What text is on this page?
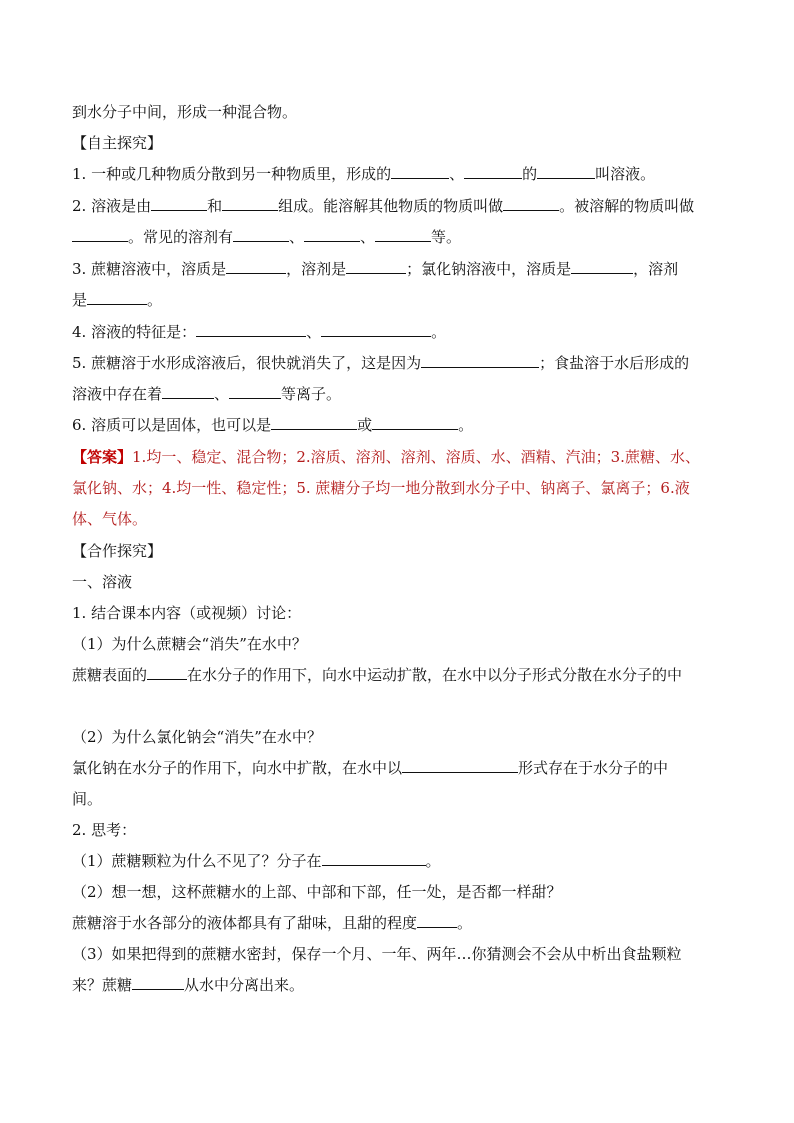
到水分子中间，形成一种混合物。
【自主探究】
1. 一种或几种物质分散到另一种物质里，形成的	、	的	叫溶液。
2. 溶液是由	和	组成。能溶解其他物质的物质叫做	。被溶解的物质叫做
。常见的溶剂有	、	、	等。
3. 蔗糖溶液中，溶质是	，溶剂是	；氯化钠溶液中，溶质是	，溶剂
是	。
4. 溶液的特征是：	、	。
5. 蔗糖溶于水形成溶液后，很快就消失了，这是因为	；食盐溶于水后形成的
溶液中存在着	、	等离子。
6. 溶质可以是固体，也可以是	或	。
【答案】1.均一、稳定、混合物；2.溶质、溶剂、溶剂、溶质、水、酒精、汽油；3.蔗糖、水、
氯化钠、水；4.均一性、稳定性；5. 蔗糖分子均一地分散到水分子中、钠离子、氯离子；6.液
体、气体。
【合作探究】
一、溶液
1. 结合课本内容（或视频）讨论：
（1）为什么蔗糖会“消失”在水中？
蔗糖表面的	在水分子的作用下，向水中运动扩散，在水中以分子形式分散在水分子的中
（2）为什么氯化钠会“消失”在水中？
氯化钠在水分子的作用下，向水中扩散，在水中以	形式存在于水分子的中
间。
2. 思考：
（1）蔗糖颗粒为什么不见了？分子在	。
（2）想一想，这杯蔗糖水的上部、中部和下部，任一处，是否都一样甜？
蔗糖溶于水各部分的液体都具有了甜味，且甜的程度	。
（3）如果把得到的蔗糖水密封，保存一个月、一年、两年…你猜测会不会从中析出食盐颗粒
来？蔗糖	从水中分离出来。
